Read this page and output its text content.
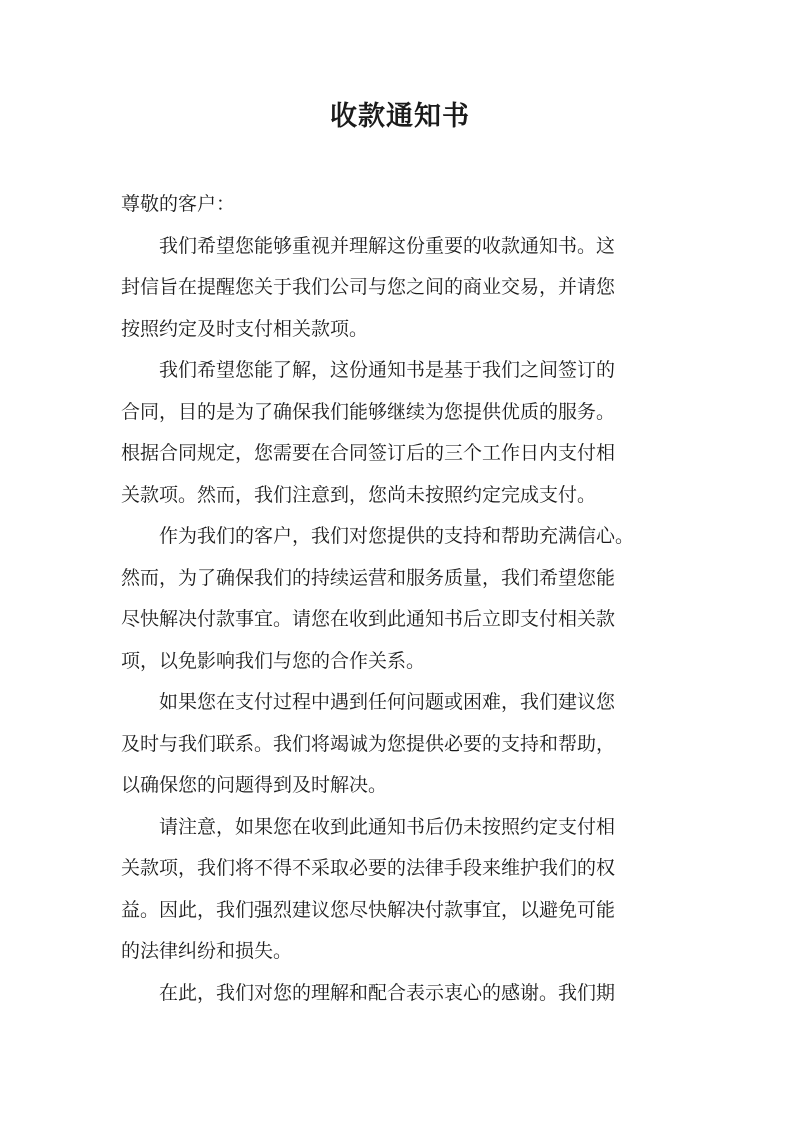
收款通知书

尊敬的客户：

我们希望您能够重视并理解这份重要的收款通知书。这
封信旨在提醒您关于我们公司与您之间的商业交易，并请您
按照约定及时支付相关款项。

我们希望您能了解，这份通知书是基于我们之间签订的
合同，目的是为了确保我们能够继续为您提供优质的服务。
根据合同规定，您需要在合同签订后的三个工作日内支付相
关款项。然而，我们注意到，您尚未按照约定完成支付。

作为我们的客户，我们对您提供的支持和帮助充满信心。
然而，为了确保我们的持续运营和服务质量，我们希望您能
尽快解决付款事宜。请您在收到此通知书后立即支付相关款
项，以免影响我们与您的合作关系。

如果您在支付过程中遇到任何问题或困难，我们建议您
及时与我们联系。我们将竭诚为您提供必要的支持和帮助，
以确保您的问题得到及时解决。

请注意，如果您在收到此通知书后仍未按照约定支付相
关款项，我们将不得不采取必要的法律手段来维护我们的权
益。因此，我们强烈建议您尽快解决付款事宜，以避免可能
的法律纠纷和损失。

在此，我们对您的理解和配合表示衷心的感谢。我们期
